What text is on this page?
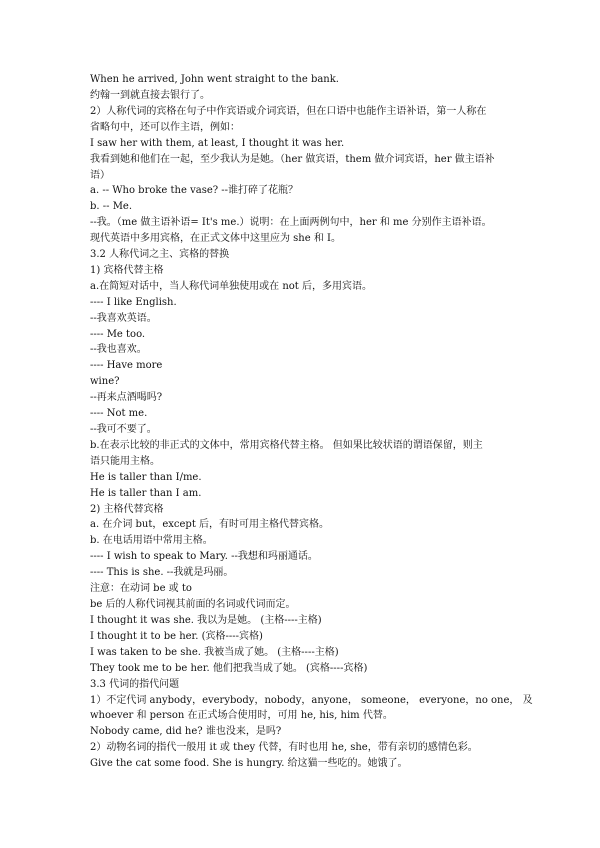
When he arrived, John went straight to the bank.
约翰一到就直接去银行了。
2）人称代词的宾格在句子中作宾语或介词宾语，但在口语中也能作主语补语，第一人称在
省略句中，还可以作主语，例如：
I saw her with them, at least, I thought it was her.
我看到她和他们在一起，至少我认为是她。（her 做宾语，them 做介词宾语，her 做主语补
语）
a. -- Who broke the vase? --谁打碎了花瓶？
b. -- Me.
--我。（me 做主语补语= It's me.）说明：在上面两例句中，her 和 me 分别作主语补语。
现代英语中多用宾格，在正式文体中这里应为 she 和 I。
3.2 人称代词之主、宾格的替换
1) 宾格代替主格
a.在简短对话中，当人称代词单独使用或在 not 后，多用宾语。
---- I like English.
--我喜欢英语。
---- Me too.
--我也喜欢。
---- Have more
wine?
--再来点酒喝吗?
---- Not me.
--我可不要了。
b.在表示比较的非正式的文体中，常用宾格代替主格。 但如果比较状语的谓语保留，则主
语只能用主格。
He is taller than I/me.
He is taller than I am.
2) 主格代替宾格
a. 在介词 but，except 后，有时可用主格代替宾格。
b. 在电话用语中常用主格。
---- I wish to speak to Mary. --我想和玛丽通话。
---- This is she. --我就是玛丽。
注意：在动词 be 或 to
be 后的人称代词视其前面的名词或代词而定。
I thought it was she. 我以为是她。 (主格----主格)
I thought it to be her. (宾格----宾格)
I was taken to be she. 我被当成了她。 (主格----主格)
They took me to be her. 他们把我当成了她。 (宾格----宾格)
3.3 代词的指代问题
1）不定代词 anybody，everybody，nobody，anyone， someone， everyone，no one， 及
whoever 和 person 在正式场合使用时，可用 he, his, him 代替。
Nobody came, did he? 谁也没来，是吗?
2）动物名词的指代一般用 it 或 they 代替，有时也用 he, she，带有亲切的感情色彩。
Give the cat some food. She is hungry. 给这猫一些吃的。她饿了。
